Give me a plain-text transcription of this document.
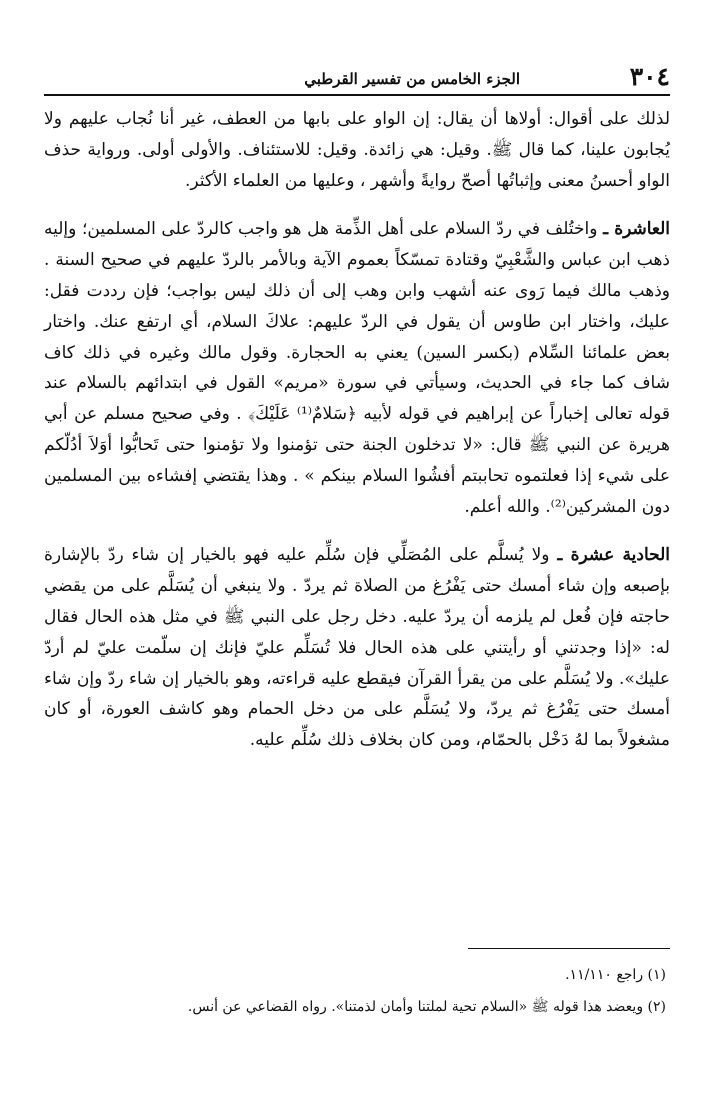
٣٠٤
الجزء الخامس من تفسير القرطبي

لذلك على أقوال: أولاها أن يقال: إن الواو على بابها من العطف، غير أنا نُجاب عليهم ولا يُجابون علينا، كما قال ﷺ. وقيل: هي زائدة. وقيل: للاستئناف. والأولى أولى. ورواية حذف الواو أحسنُ معنى وإثباتُها أصحّ روايةً وأشهر ، وعليها من العلماء الأكثر.

العاشرة ـ واختُلف في ردّ السلام على أهل الذِّمة هل هو واجب كالردّ على المسلمين؛ وإليه ذهب ابن عباس والشَّعْبِيّ وقتادة تمسّكاً بعموم الآية وبالأمر بالردّ عليهم في صحيح السنة . وذهب مالك فيما رَوى عنه أشهب وابن وهب إلى أن ذلك ليس بواجب؛ فإن رددت فقل: عليك، واختار ابن طاوس أن يقول في الردّ عليهم: علاكَ السلام، أي ارتفع عنك. واختار بعض علمائنا السِّلام (بكسر السين) يعني به الحجارة. وقول مالك وغيره في ذلك كاف شاف كما جاء في الحديث، وسيأتي في سورة «مريم» القول في ابتدائهم بالسلام عند قوله تعالى إخباراً عن إبراهيم في قوله لأبيه ﴿سَلامٌ⁽¹⁾ عَلَيْكَ﴾ . وفي صحيح مسلم عن أبي هريرة عن النبي ﷺ قال: «لا تدخلون الجنة حتى تؤمنوا ولا تؤمنوا حتى تَحابُّوا أوَلاَ أدُلّكم على شيء إذا فعلتموه تحاببتم أفشُوا السلام بينكم » . وهذا يقتضي إفشاءه بين المسلمين دون المشركين⁽²⁾. والله أعلم.

الحادية عشرة ـ ولا يُسلَّم على المُصَلِّي فإن سُلِّم عليه فهو بالخيار إن شاء ردّ بالإشارة بإصبعه وإن شاء أمسك حتى يَفْرُغ من الصلاة ثم يردّ . ولا ينبغي أن يُسَلَّم على من يقضي حاجته فإن فُعل لم يلزمه أن يردّ عليه. دخل رجل على النبي ﷺ في مثل هذه الحال فقال له: «إذا وجدتني أو رأيتني على هذه الحال فلا تُسَلِّم عليّ فإنك إن سلّمت عليّ لم أردّ عليك». ولا يُسَلَّم على من يقرأ القرآن فيقطع عليه قراءته، وهو بالخيار إن شاء ردّ وإن شاء أمسك حتى يَفْرُغ ثم يردّ، ولا يُسَلَّم على من دخل الحمام وهو كاشف العورة، أو كان مشغولاً بما لهُ دَخْل بالحمّام، ومن كان بخلاف ذلك سُلِّم عليه.

(١) راجع ١١/١١٠.

(٢) ويعضد هذا قوله ﷺ «السلام تحية لملتنا وأمان لذمتنا». رواه القضاعي عن أنس.
